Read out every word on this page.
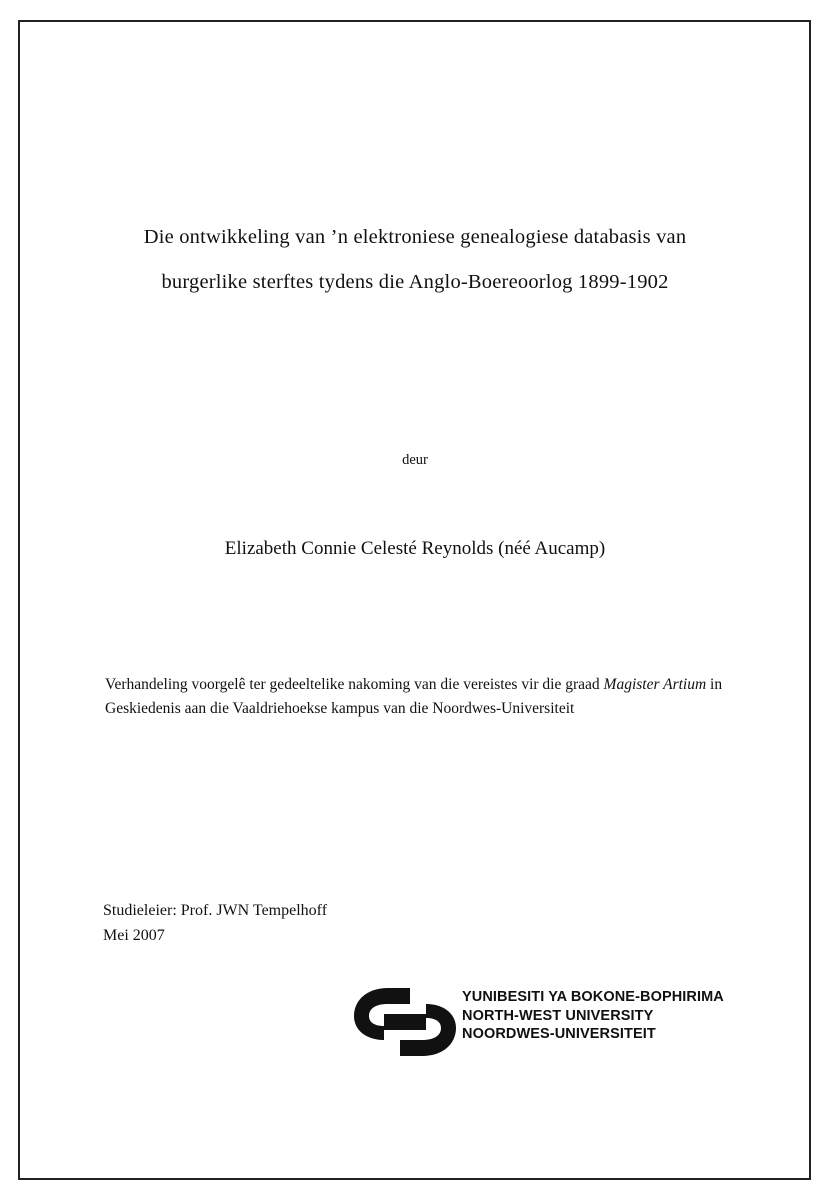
Die ontwikkeling van ’n elektroniese genealogiese databasis van
burgerlike sterftes tydens die Anglo-Boereoorlog 1899-1902
deur
Elizabeth Connie Celesté Reynolds (néé Aucamp)
Verhandeling voorgelê ter gedeeltelike nakoming van die vereistes vir die graad Magister Artium in Geskiedenis aan die Vaaldriehoekse kampus van die Noordwes-Universiteit
Studieleier: Prof. JWN Tempelhoff
Mei 2007
YUNIBESITI YA BOKONE-BOPHIRIMA
NORTH-WEST UNIVERSITY
NOORDWES-UNIVERSITEIT
